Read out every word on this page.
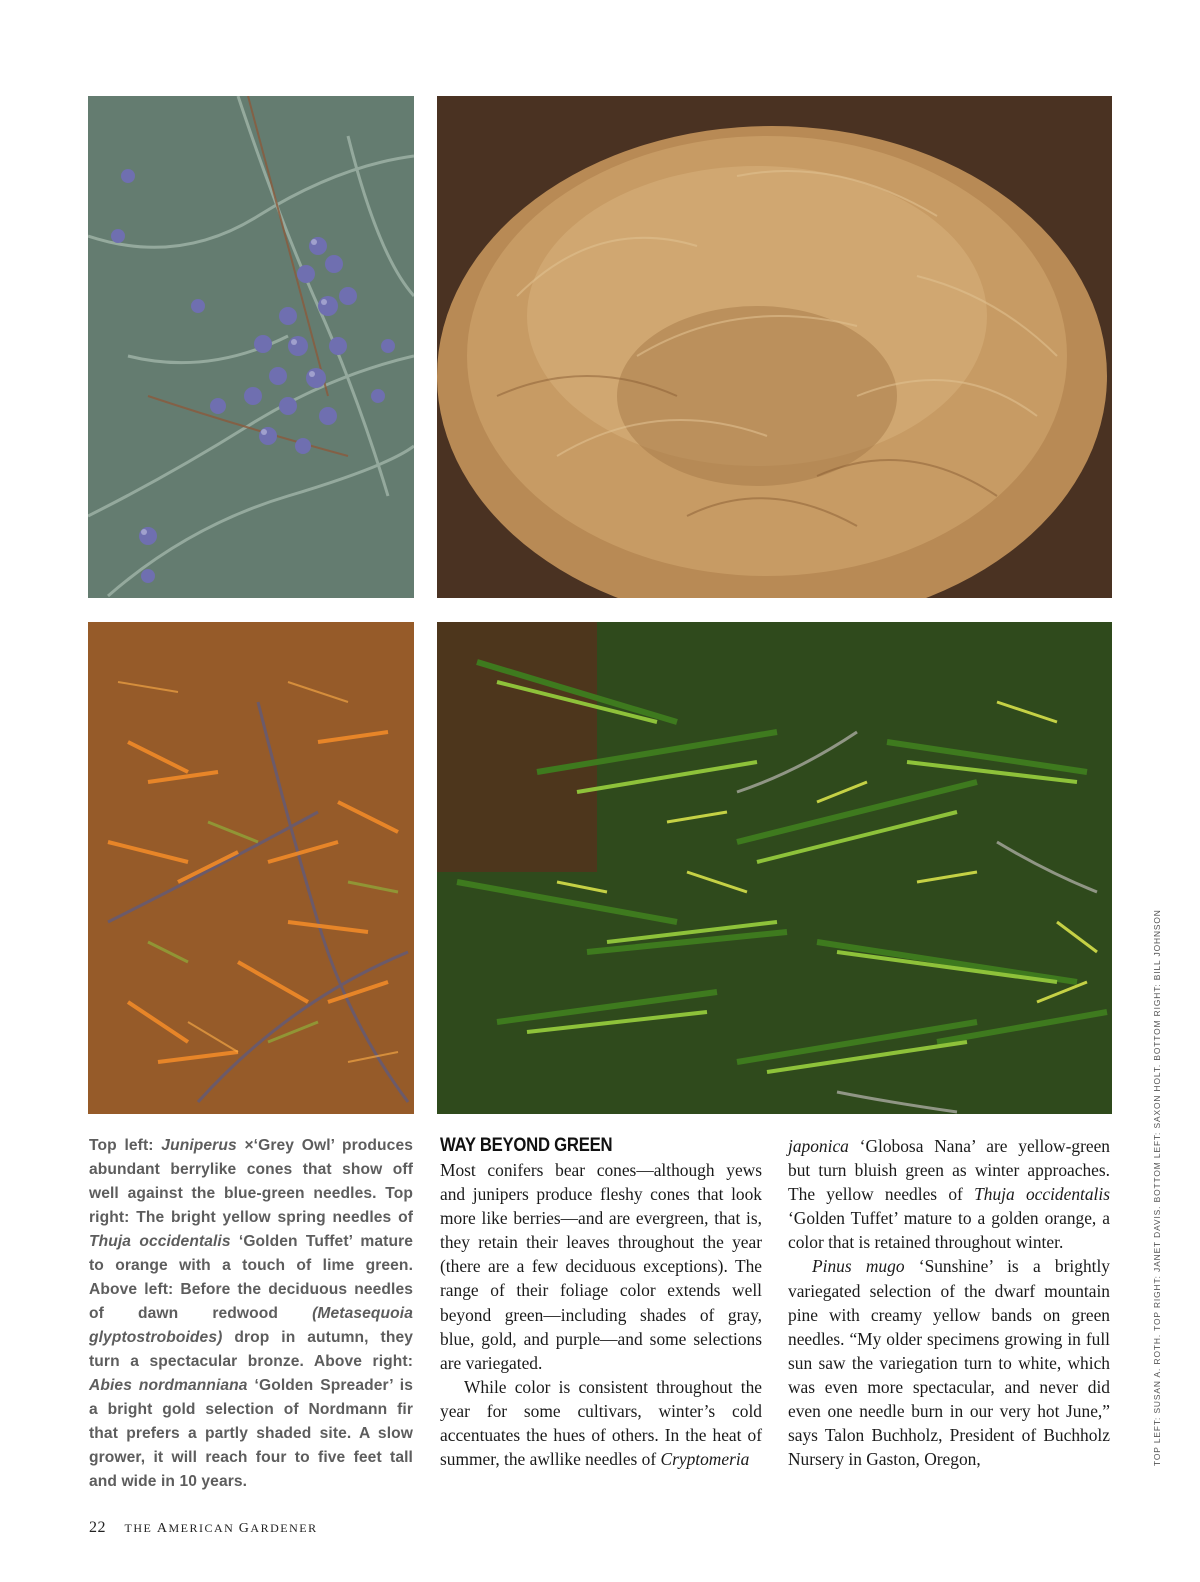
Top left: Juniperus ×‘Grey Owl’ produces abundant berrylike cones that show off well against the blue-green needles. Top right: The bright yellow spring needles of Thuja occidentalis ‘Golden Tuffet’ mature to orange with a touch of lime green. Above left: Before the deciduous needles of dawn redwood (Metasequoia glyptostroboides) drop in autumn, they turn a spectacular bronze. Above right: Abies nordmanniana ‘Golden Spreader’ is a bright gold selection of Nordmann fir that prefers a partly shaded site. A slow grower, it will reach four to five feet tall and wide in 10 years.
WAY BEYOND GREEN

Most conifers bear cones—although yews and junipers produce fleshy cones that look more like berries—and are evergreen, that is, they retain their leaves throughout the year (there are a few deciduous exceptions). The range of their foliage color extends well beyond green—including shades of gray, blue, gold, and purple—and some selections are variegated.

While color is consistent throughout the year for some cultivars, winter’s cold accentuates the hues of others. In the heat of summer, the awllike needles of Cryptomeria

japonica ‘Globosa Nana’ are yellow-green but turn bluish green as winter approaches. The yellow needles of Thuja occidentalis ‘Golden Tuffet’ mature to a golden orange, a color that is retained throughout winter.

Pinus mugo ‘Sunshine’ is a brightly variegated selection of the dwarf mountain pine with creamy yellow bands on green needles. “My older specimens growing in full sun saw the variegation turn to white, which was even more spectacular, and never did even one needle burn in our very hot June,” says Talon Buchholz, President of Buchholz Nursery in Gaston, Oregon,

22 THE AMERICAN GARDENER
TOP LEFT: SUSAN A. ROTH. TOP RIGHT: JANET DAVIS. BOTTOM LEFT: SAXON HOLT. BOTTOM RIGHT: BILL JOHNSON
